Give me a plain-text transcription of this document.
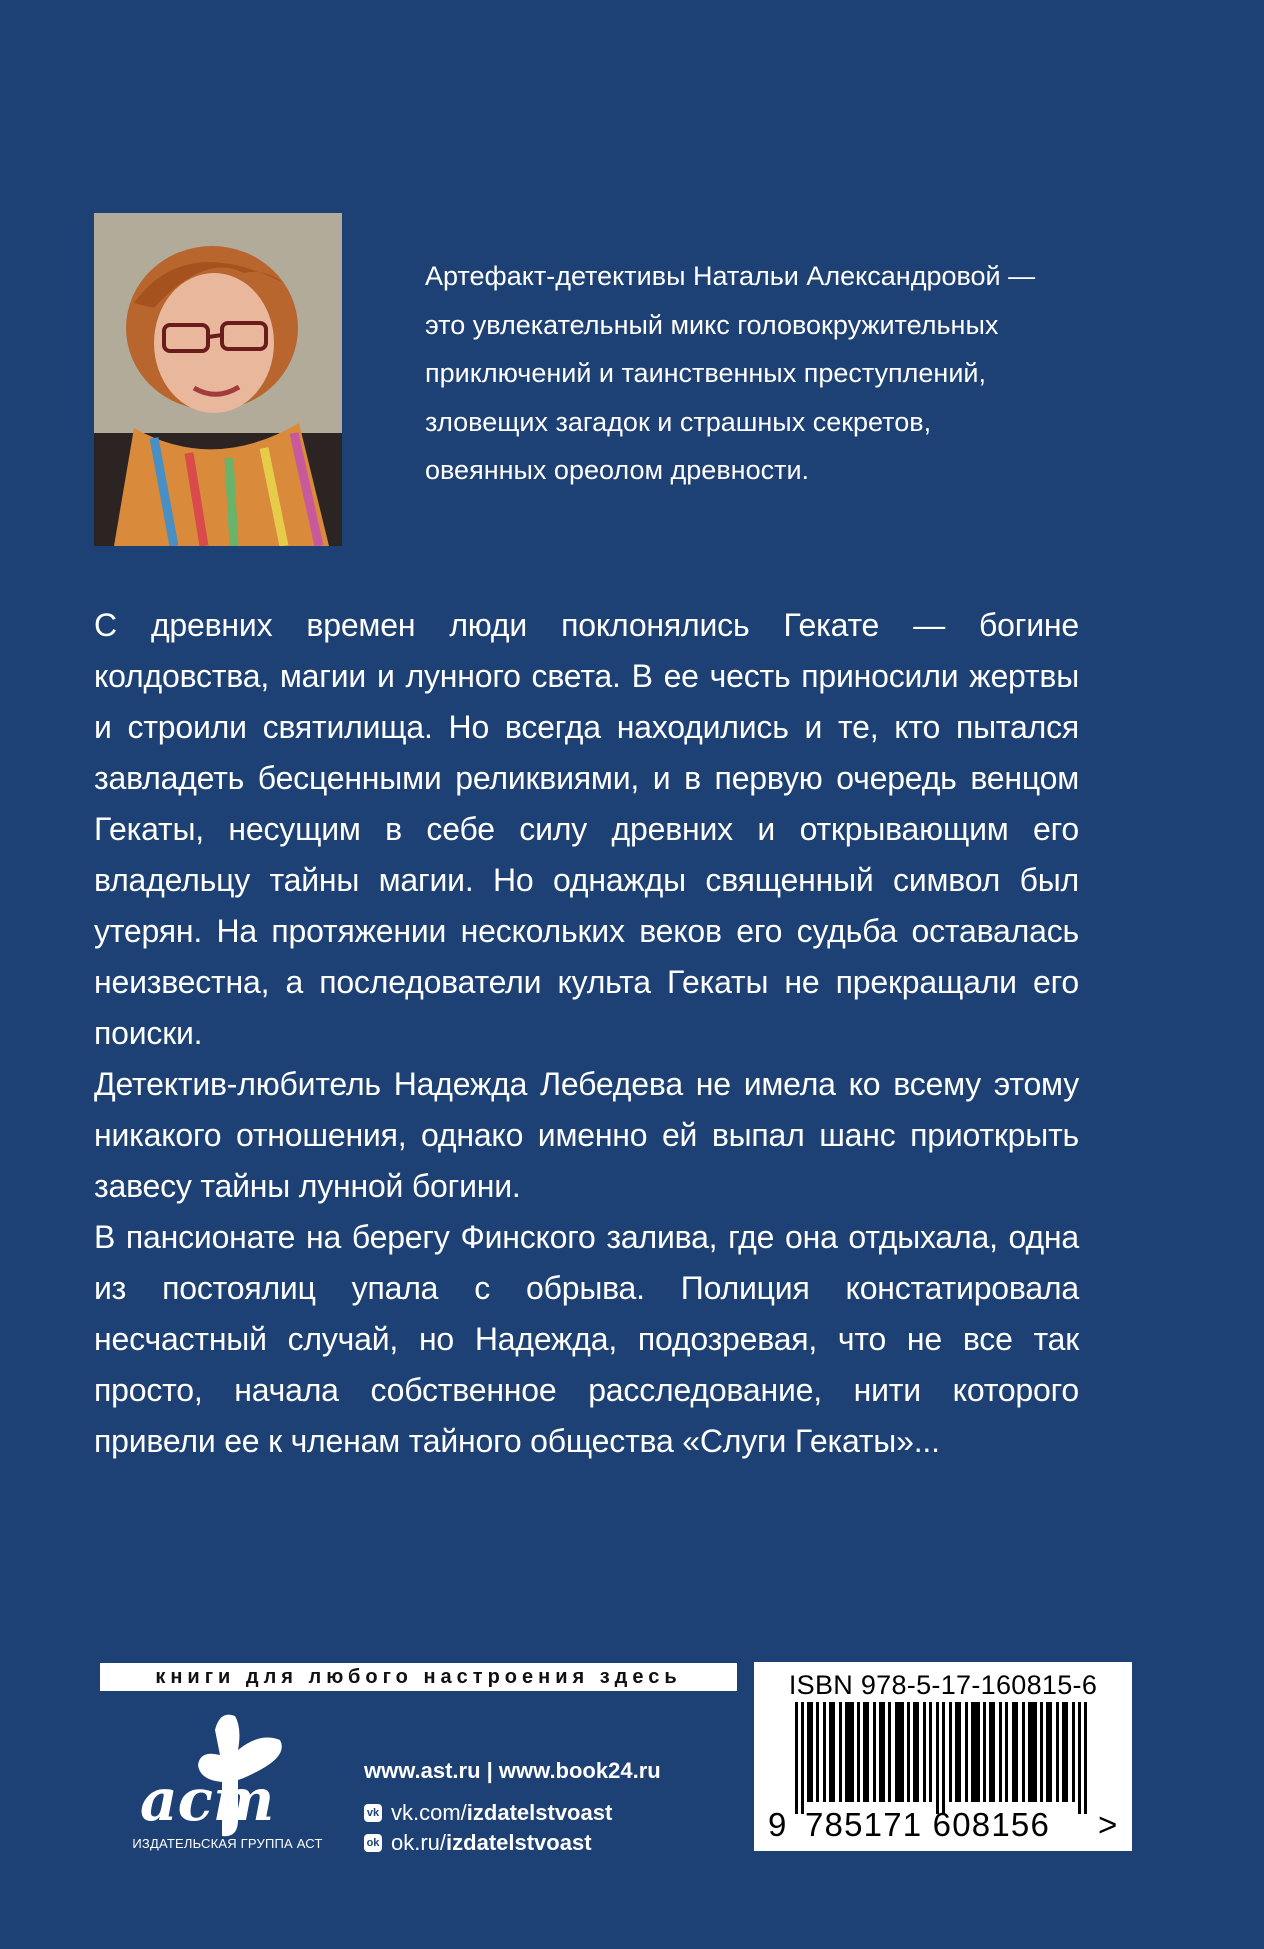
Артефакт-детективы Натальи Александровой —
это увлекательный микс головокружительных
приключений и таинственных преступлений,
зловещих загадок и страшных секретов,
овеянных ореолом древности.

С древних времен люди поклонялись Гекате — богине колдовства, магии и лунного света. В ее честь приносили жертвы и строили святилища. Но всегда находились и те, кто пытался завладеть бесценными реликвиями, и в первую очередь венцом Гекаты, несущим в себе силу древних и открывающим его владельцу тайны магии. Но однажды священный символ был утерян. На протяжении нескольких веков его судьба оставалась неизвестна, а последователи культа Гекаты не прекращали его поиски.

Детектив-любитель Надежда Лебедева не имела ко всему этому никакого отношения, однако именно ей выпал шанс приоткрыть завесу тайны лунной богини.

В пансионате на берегу Финского залива, где она отдыхала, одна из постоялиц упала с обрыва. Полиция констатировала несчастный случай, но Надежда, подозревая, что не все так просто, начала собственное расследование, нити которого привели ее к членам тайного общества «Слуги Гекаты»...

книги для любого настроения здесь
аст
ИЗДАТЕЛЬСКАЯ ГРУППА АСТ
www.ast.ru | www.book24.ru
vk vk.com/ izdatelstvoast
ok ok.ru/ izdatelstvoast
ISBN 978-5-17-160815-6
9 785171 608156 >
